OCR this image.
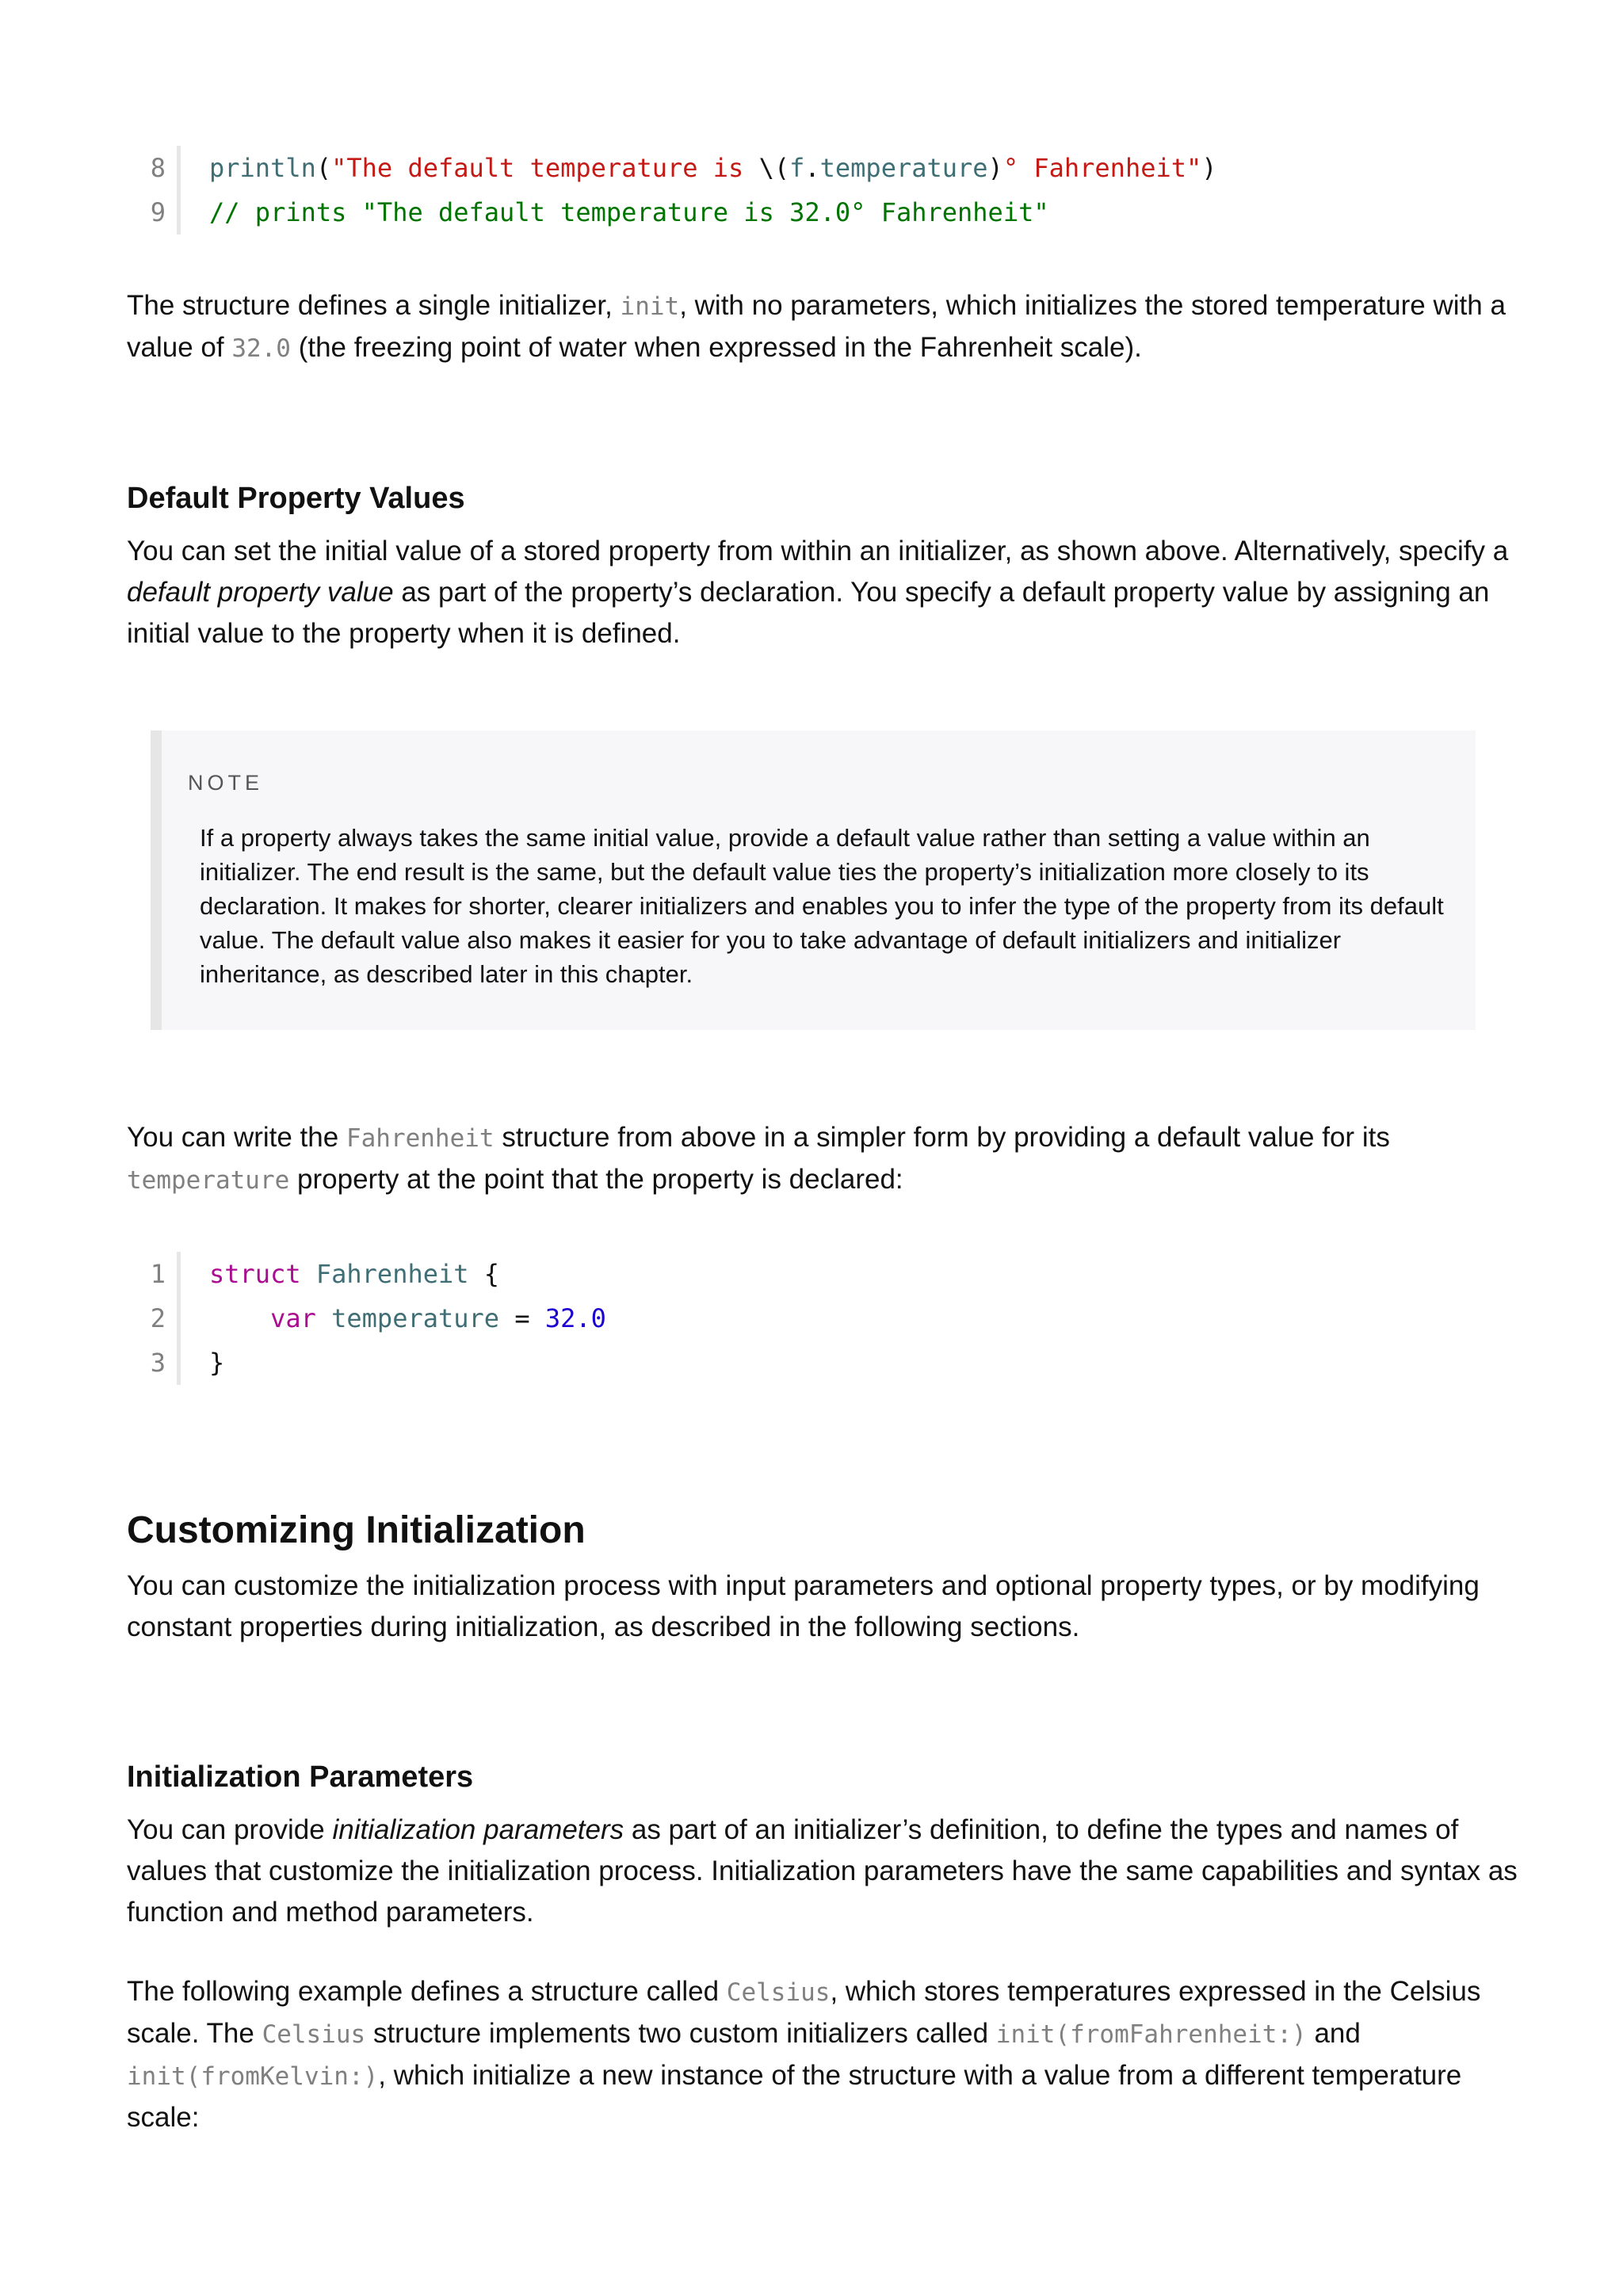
8	println("The default temperature is \(f.temperature)° Fahrenheit")
9	// prints "The default temperature is 32.0° Fahrenheit"

The structure defines a single initializer, init, with no parameters, which initializes the stored temperature with a value of 32.0 (the freezing point of water when expressed in the Fahrenheit scale).

Default Property Values

You can set the initial value of a stored property from within an initializer, as shown above. Alternatively, specify a default property value as part of the property’s declaration. You specify a default property value by assigning an initial value to the property when it is defined.

NOTE

If a property always takes the same initial value, provide a default value rather than setting a value within an initializer. The end result is the same, but the default value ties the property’s initialization more closely to its declaration. It makes for shorter, clearer initializers and enables you to infer the type of the property from its default value. The default value also makes it easier for you to take advantage of default initializers and initializer inheritance, as described later in this chapter.

You can write the Fahrenheit structure from above in a simpler form by providing a default value for its temperature property at the point that the property is declared:

1	struct Fahrenheit {
2	var temperature = 32.0
3	}
Customizing Initialization

You can customize the initialization process with input parameters and optional property types, or by modifying constant properties during initialization, as described in the following sections.

Initialization Parameters

You can provide initialization parameters as part of an initializer’s definition, to define the types and names of values that customize the initialization process. Initialization parameters have the same capabilities and syntax as function and method parameters.

The following example defines a structure called Celsius, which stores temperatures expressed in the Celsius scale. The Celsius structure implements two custom initializers called init(fromFahrenheit:) and init(fromKelvin:), which initialize a new instance of the structure with a value from a different temperature scale:
